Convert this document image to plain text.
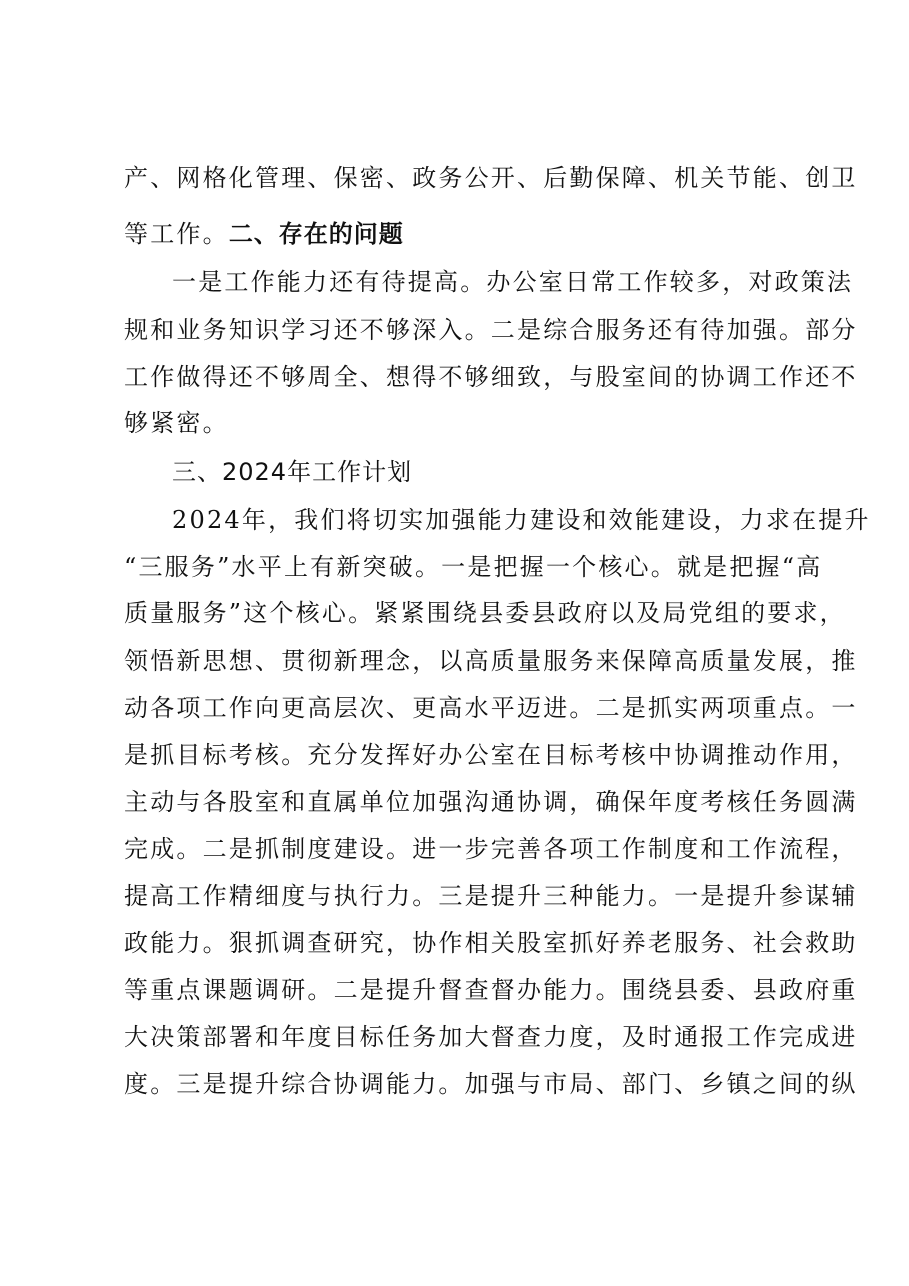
产、网格化管理、保密、政务公开、后勤保障、机关节能、创卫
等工作。二、存在的问题
一是工作能力还有待提高。办公室日常工作较多，对政策法
规和业务知识学习还不够深入。二是综合服务还有待加强。部分
工作做得还不够周全、想得不够细致，与股室间的协调工作还不
够紧密。
三、2024年工作计划
2024年，我们将切实加强能力建设和效能建设，力求在提升
“三服务”水平上有新突破。一是把握一个核心。就是把握“高
质量服务”这个核心。紧紧围绕县委县政府以及局党组的要求，
领悟新思想、贯彻新理念，以高质量服务来保障高质量发展，推
动各项工作向更高层次、更高水平迈进。二是抓实两项重点。一
是抓目标考核。充分发挥好办公室在目标考核中协调推动作用，
主动与各股室和直属单位加强沟通协调，确保年度考核任务圆满
完成。二是抓制度建设。进一步完善各项工作制度和工作流程，
提高工作精细度与执行力。三是提升三种能力。一是提升参谋辅
政能力。狠抓调查研究，协作相关股室抓好养老服务、社会救助
等重点课题调研。二是提升督查督办能力。围绕县委、县政府重
大决策部署和年度目标任务加大督查力度，及时通报工作完成进
度。三是提升综合协调能力。加强与市局、部门、乡镇之间的纵
